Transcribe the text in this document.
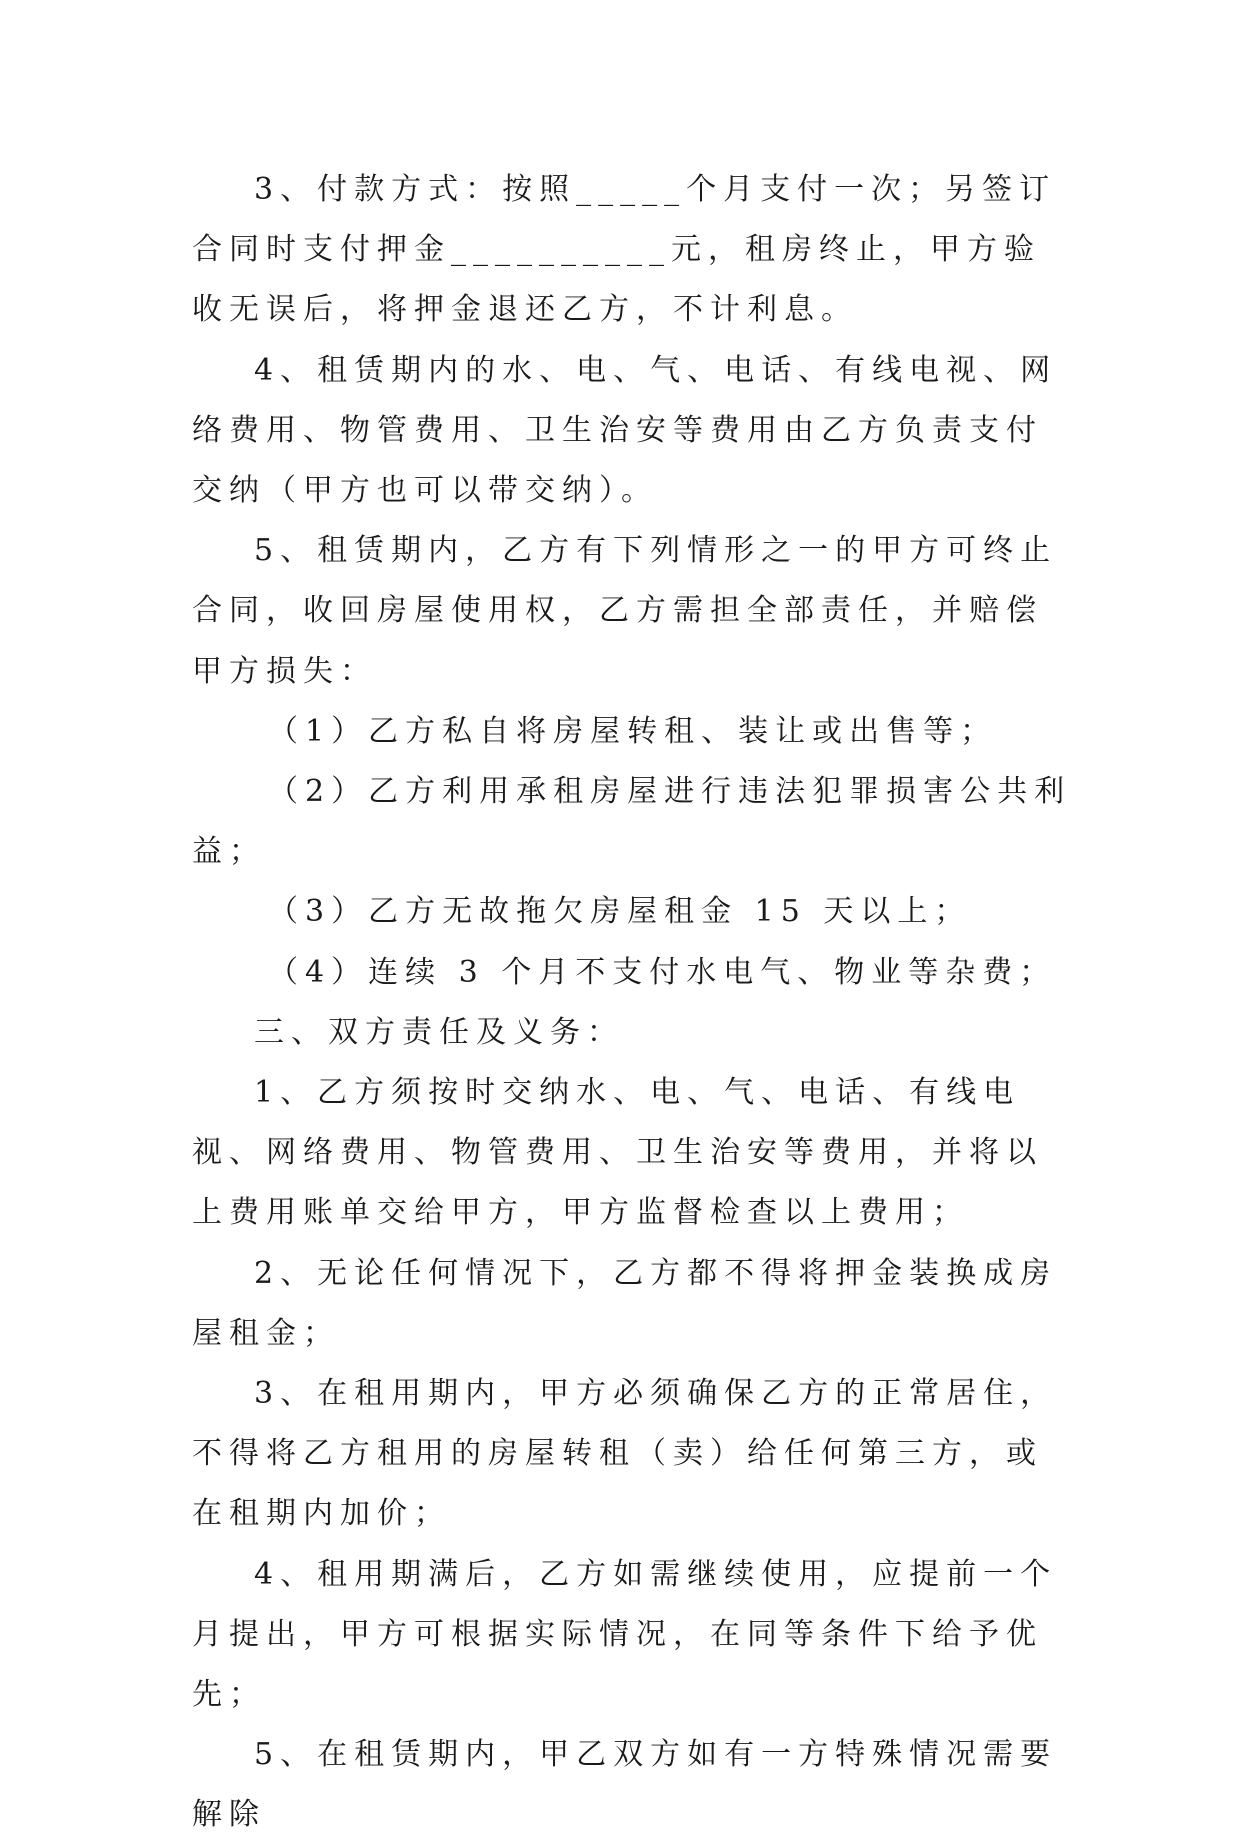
3、付款方式：按照_____个月支付一次；另签订合同时支付押金__________元，租房终止，甲方验收无误后，将押金退还乙方，不计利息。

4、租赁期内的水、电、气、电话、有线电视、网络费用、物管费用、卫生治安等费用由乙方负责支付交纳（甲方也可以带交纳）。

5、租赁期内，乙方有下列情形之一的甲方可终止合同，收回房屋使用权，乙方需担全部责任，并赔偿甲方损失：

（1）乙方私自将房屋转租、装让或出售等；

（2）乙方利用承租房屋进行违法犯罪损害公共利益；

（3）乙方无故拖欠房屋租金 15 天以上；

（4）连续 3 个月不支付水电气、物业等杂费；

三、双方责任及义务：

1、乙方须按时交纳水、电、气、电话、有线电视、网络费用、物管费用、卫生治安等费用，并将以上费用账单交给甲方，甲方监督检查以上费用；

2、无论任何情况下，乙方都不得将押金装换成房屋租金；

3、在租用期内，甲方必须确保乙方的正常居住，不得将乙方租用的房屋转租（卖）给任何第三方，或在租期内加价；

4、租用期满后，乙方如需继续使用，应提前一个月提出，甲方可根据实际情况，在同等条件下给予优先；

5、在租赁期内，甲乙双方如有一方特殊情况需要解除
